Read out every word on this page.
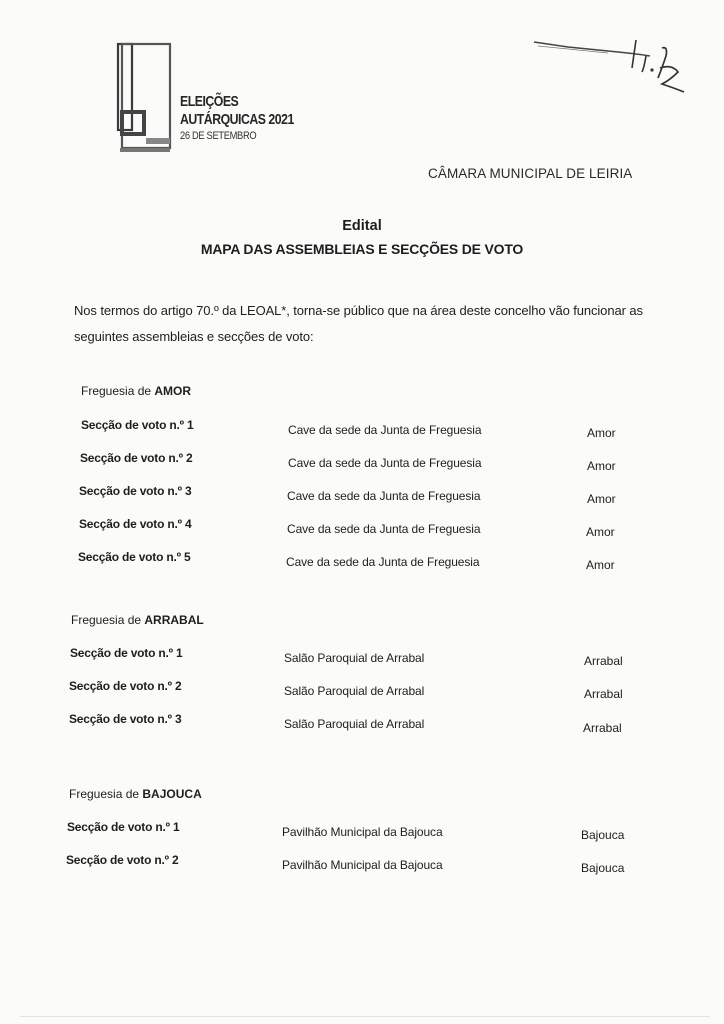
ELEIÇÕES
AUTÁRQUICAS 2021
26 DE SETEMBRO
CÂMARA MUNICIPAL DE LEIRIA
Edital
MAPA DAS ASSEMBLEIAS E SECÇÕES DE VOTO
Nos termos do artigo 70.º da LEOAL*, torna-se público que na área deste concelho vão funcionar as seguintes assembleias e secções de voto:
Freguesia de AMOR
Secção de voto n.º 1	Cave da sede da Junta de Freguesia	Amor
Secção de voto n.º 2	Cave da sede da Junta de Freguesia	Amor
Secção de voto n.º 3	Cave da sede da Junta de Freguesia	Amor
Secção de voto n.º 4	Cave da sede da Junta de Freguesia	Amor
Secção de voto n.º 5	Cave da sede da Junta de Freguesia	Amor
Freguesia de ARRABAL
Secção de voto n.º 1	Salão Paroquial de Arrabal	Arrabal
Secção de voto n.º 2	Salão Paroquial de Arrabal	Arrabal
Secção de voto n.º 3	Salão Paroquial de Arrabal	Arrabal
Freguesia de BAJOUCA
Secção de voto n.º 1	Pavilhão Municipal da Bajouca	Bajouca
Secção de voto n.º 2	Pavilhão Municipal da Bajouca	Bajouca
